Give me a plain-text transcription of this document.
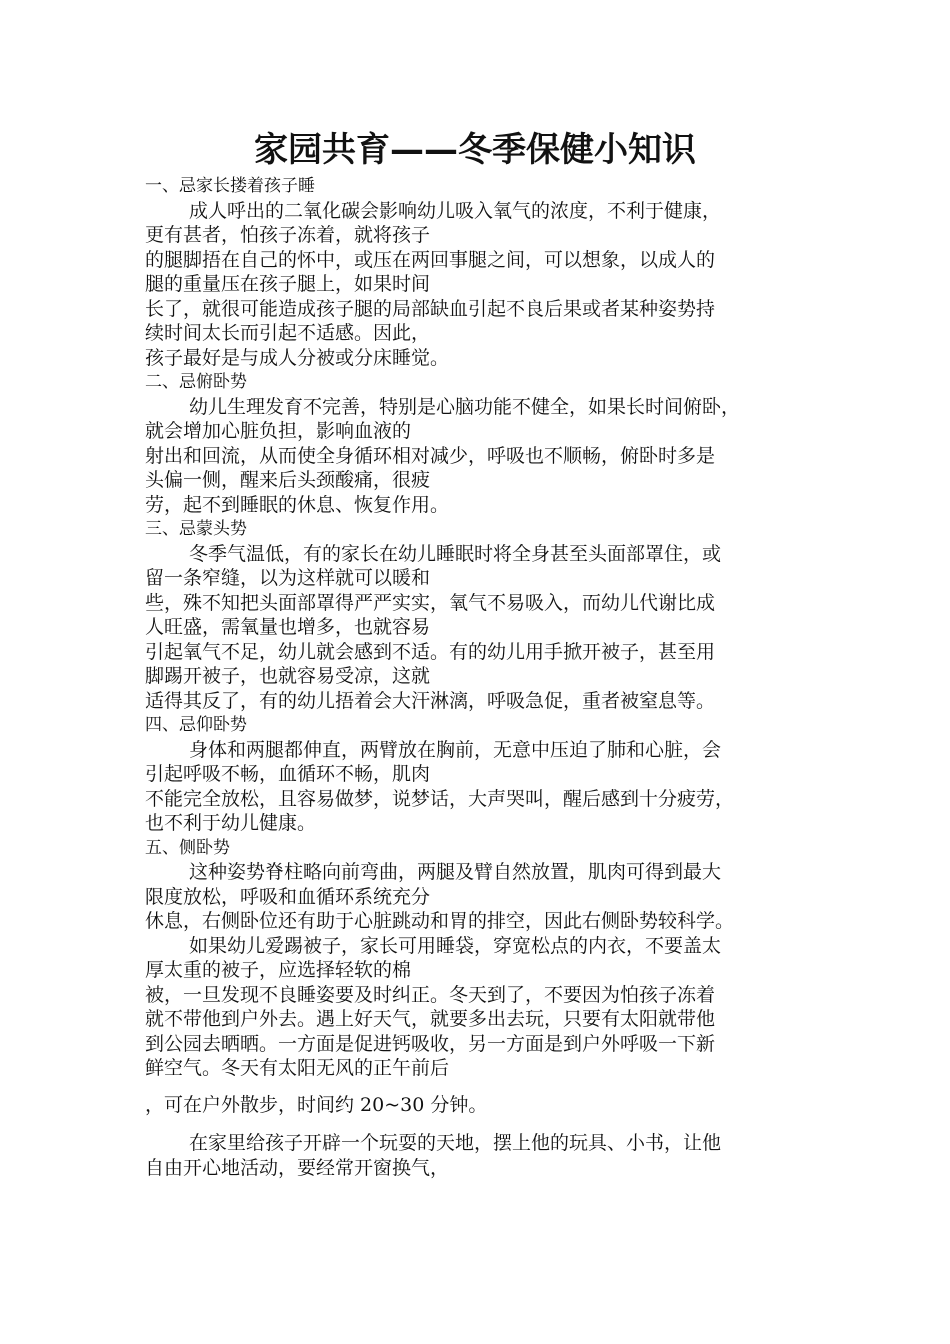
家园共育——冬季保健小知识
一、忌家长搂着孩子睡
成人呼出的二氧化碳会影响幼儿吸入氧气的浓度，不利于健康，
更有甚者，怕孩子冻着，就将孩子
的腿脚捂在自己的怀中，或压在两回事腿之间，可以想象，以成人的
腿的重量压在孩子腿上，如果时间
长了，就很可能造成孩子腿的局部缺血引起不良后果或者某种姿势持
续时间太长而引起不适感。因此，
孩子最好是与成人分被或分床睡觉。
二、忌俯卧势
幼儿生理发育不完善，特别是心脑功能不健全，如果长时间俯卧，
就会增加心脏负担，影响血液的
射出和回流，从而使全身循环相对减少，呼吸也不顺畅，俯卧时多是
头偏一侧，醒来后头颈酸痛，很疲
劳，起不到睡眠的休息、恢复作用。
三、忌蒙头势
冬季气温低，有的家长在幼儿睡眠时将全身甚至头面部罩住，或
留一条窄缝，以为这样就可以暖和
些，殊不知把头面部罩得严严实实，氧气不易吸入，而幼儿代谢比成
人旺盛，需氧量也增多，也就容易
引起氧气不足，幼儿就会感到不适。有的幼儿用手掀开被子，甚至用
脚踢开被子，也就容易受凉，这就
适得其反了，有的幼儿捂着会大汗淋漓，呼吸急促，重者被窒息等。
四、忌仰卧势
身体和两腿都伸直，两臂放在胸前，无意中压迫了肺和心脏，会
引起呼吸不畅，血循环不畅，肌肉
不能完全放松，且容易做梦，说梦话，大声哭叫，醒后感到十分疲劳，
也不利于幼儿健康。
五、侧卧势
这种姿势脊柱略向前弯曲，两腿及臂自然放置，肌肉可得到最大
限度放松，呼吸和血循环系统充分
休息，右侧卧位还有助于心脏跳动和胃的排空，因此右侧卧势较科学。
如果幼儿爱踢被子，家长可用睡袋，穿宽松点的内衣，不要盖太
厚太重的被子，应选择轻软的棉
被，一旦发现不良睡姿要及时纠正。冬天到了，不要因为怕孩子冻着
就不带他到户外去。遇上好天气，就要多出去玩，只要有太阳就带他
到公园去晒晒。一方面是促进钙吸收，另一方面是到户外呼吸一下新
鲜空气。冬天有太阳无风的正午前后
，可在户外散步，时间约 20~30 分钟。
在家里给孩子开辟一个玩耍的天地，摆上他的玩具、小书，让他
自由开心地活动，要经常开窗换气，
